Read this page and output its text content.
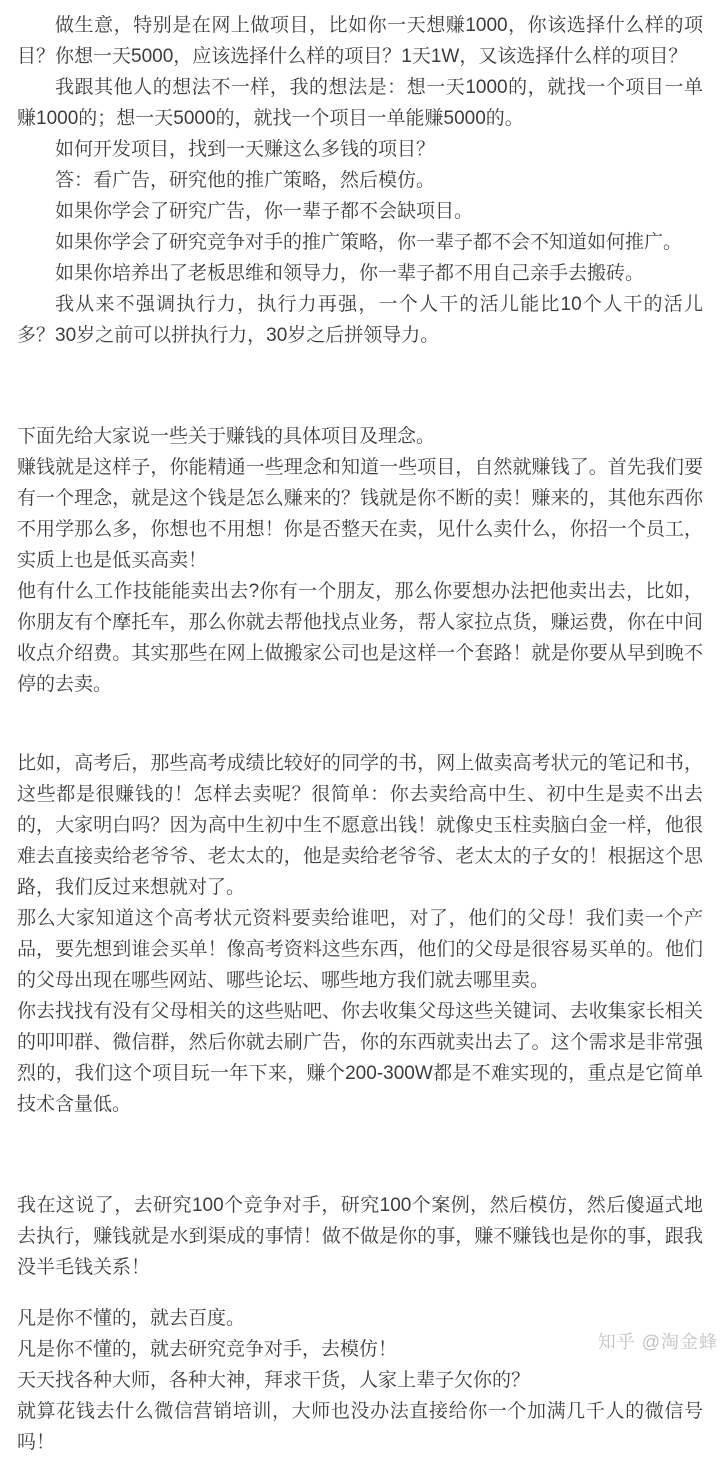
做生意，特别是在网上做项目，比如你一天想赚1000，你该选择什么样的项目？你想一天5000，应该选择什么样的项目？1天1W，又该选择什么样的项目？

我跟其他人的想法不一样，我的想法是：想一天1000的，就找一个项目一单赚1000的；想一天5000的，就找一个项目一单能赚5000的。

如何开发项目，找到一天赚这么多钱的项目？

答：看广告，研究他的推广策略，然后模仿。

如果你学会了研究广告，你一辈子都不会缺项目。

如果你学会了研究竞争对手的推广策略，你一辈子都不会不知道如何推广。

如果你培养出了老板思维和领导力，你一辈子都不用自己亲手去搬砖。

我从来不强调执行力，执行力再强，一个人干的活儿能比10个人干的活儿多？30岁之前可以拼执行力，30岁之后拼领导力。

下面先给大家说一些关于赚钱的具体项目及理念。

赚钱就是这样子，你能精通一些理念和知道一些项目，自然就赚钱了。首先我们要有一个理念，就是这个钱是怎么赚来的？钱就是你不断的卖！赚来的，其他东西你不用学那么多，你想也不用想！你是否整天在卖，见什么卖什么，你招一个员工，实质上也是低买高卖！

他有什么工作技能能卖出去?你有一个朋友，那么你要想办法把他卖出去，比如，你朋友有个摩托车，那么你就去帮他找点业务，帮人家拉点货，赚运费，你在中间收点介绍费。其实那些在网上做搬家公司也是这样一个套路！就是你要从早到晚不停的去卖。

比如，高考后，那些高考成绩比较好的同学的书，网上做卖高考状元的笔记和书，这些都是很赚钱的！怎样去卖呢？很简单：你去卖给高中生、初中生是卖不出去的，大家明白吗？因为高中生初中生不愿意出钱！就像史玉柱卖脑白金一样，他很难去直接卖给老爷爷、老太太的，他是卖给老爷爷、老太太的子女的！根据这个思路，我们反过来想就对了。

那么大家知道这个高考状元资料要卖给谁吧，对了，他们的父母！我们卖一个产品，要先想到谁会买单！像高考资料这些东西，他们的父母是很容易买单的。他们的父母出现在哪些网站、哪些论坛、哪些地方我们就去哪里卖。

你去找找有没有父母相关的这些贴吧、你去收集父母这些关键词、去收集家长相关的叩叩群、微信群，然后你就去刷广告，你的东西就卖出去了。这个需求是非常强烈的，我们这个项目玩一年下来，赚个200-300W都是不难实现的，重点是它简单技术含量低。

我在这说了，去研究100个竞争对手，研究100个案例，然后模仿，然后傻逼式地去执行，赚钱就是水到渠成的事情！做不做是你的事，赚不赚钱也是你的事，跟我没半毛钱关系！

凡是你不懂的，就去百度。

凡是你不懂的，就去研究竞争对手，去模仿！

天天找各种大师，各种大神，拜求干货，人家上辈子欠你的？

就算花钱去什么微信营销培训，大师也没办法直接给你一个加满几千人的微信号吗！

知乎 @淘金蜂
